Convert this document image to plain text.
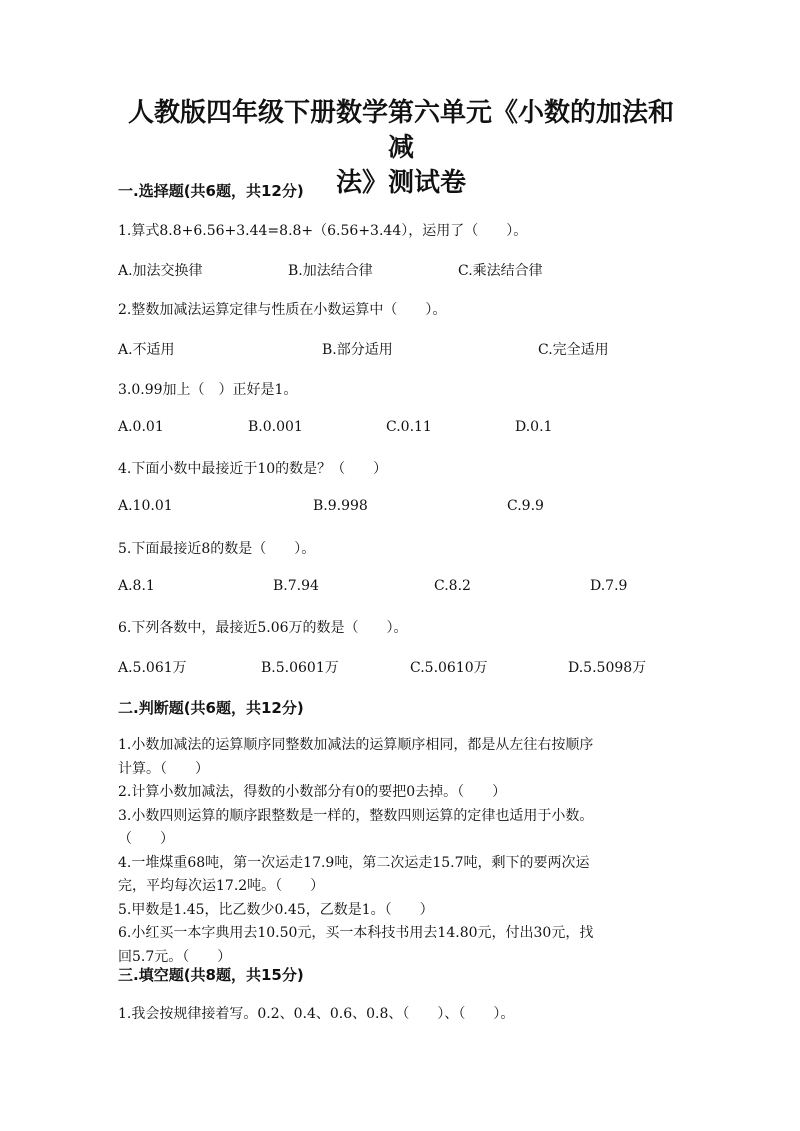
人教版四年级下册数学第六单元《小数的加法和减
法》测试卷
一.选择题(共6题，共12分)
1.算式8.8+6.56+3.44=8.8+（6.56+3.44），运用了（　　）。
A.加法交换律	B.加法结合律	C.乘法结合律
2.整数加减法运算定律与性质在小数运算中（　　）。
A.不适用	B.部分适用	C.完全适用
3.0.99加上（　）正好是1。
A.0.01	B.0.001	C.0.11	D.0.1
4.下面小数中最接近于10的数是？（　　）
A.10.01	B.9.998	C.9.9
5.下面最接近8的数是（　　）。
A.8.1	B.7.94	C.8.2	D.7.9
6.下列各数中，最接近5.06万的数是（　　）。
A.5.061万	B.5.0601万	C.5.0610万	D.5.5098万
二.判断题(共6题，共12分)
1.小数加减法的运算顺序同整数加减法的运算顺序相同，都是从左往右按顺序
计算。（　　）
2.计算小数加减法，得数的小数部分有0的要把0去掉。（　　）
3.小数四则运算的顺序跟整数是一样的，整数四则运算的定律也适用于小数。
（　　）
4.一堆煤重68吨，第一次运走17.9吨，第二次运走15.7吨，剩下的要两次运
完，平均每次运17.2吨。（　　）
5.甲数是1.45，比乙数少0.45，乙数是1。（　　）
6.小红买一本字典用去10.50元，买一本科技书用去14.80元，付出30元，找
回5.7元。（　　）
三.填空题(共8题，共15分)
1.我会按规律接着写。0.2、0.4、0.6、0.8、（　　）、（　　）。
